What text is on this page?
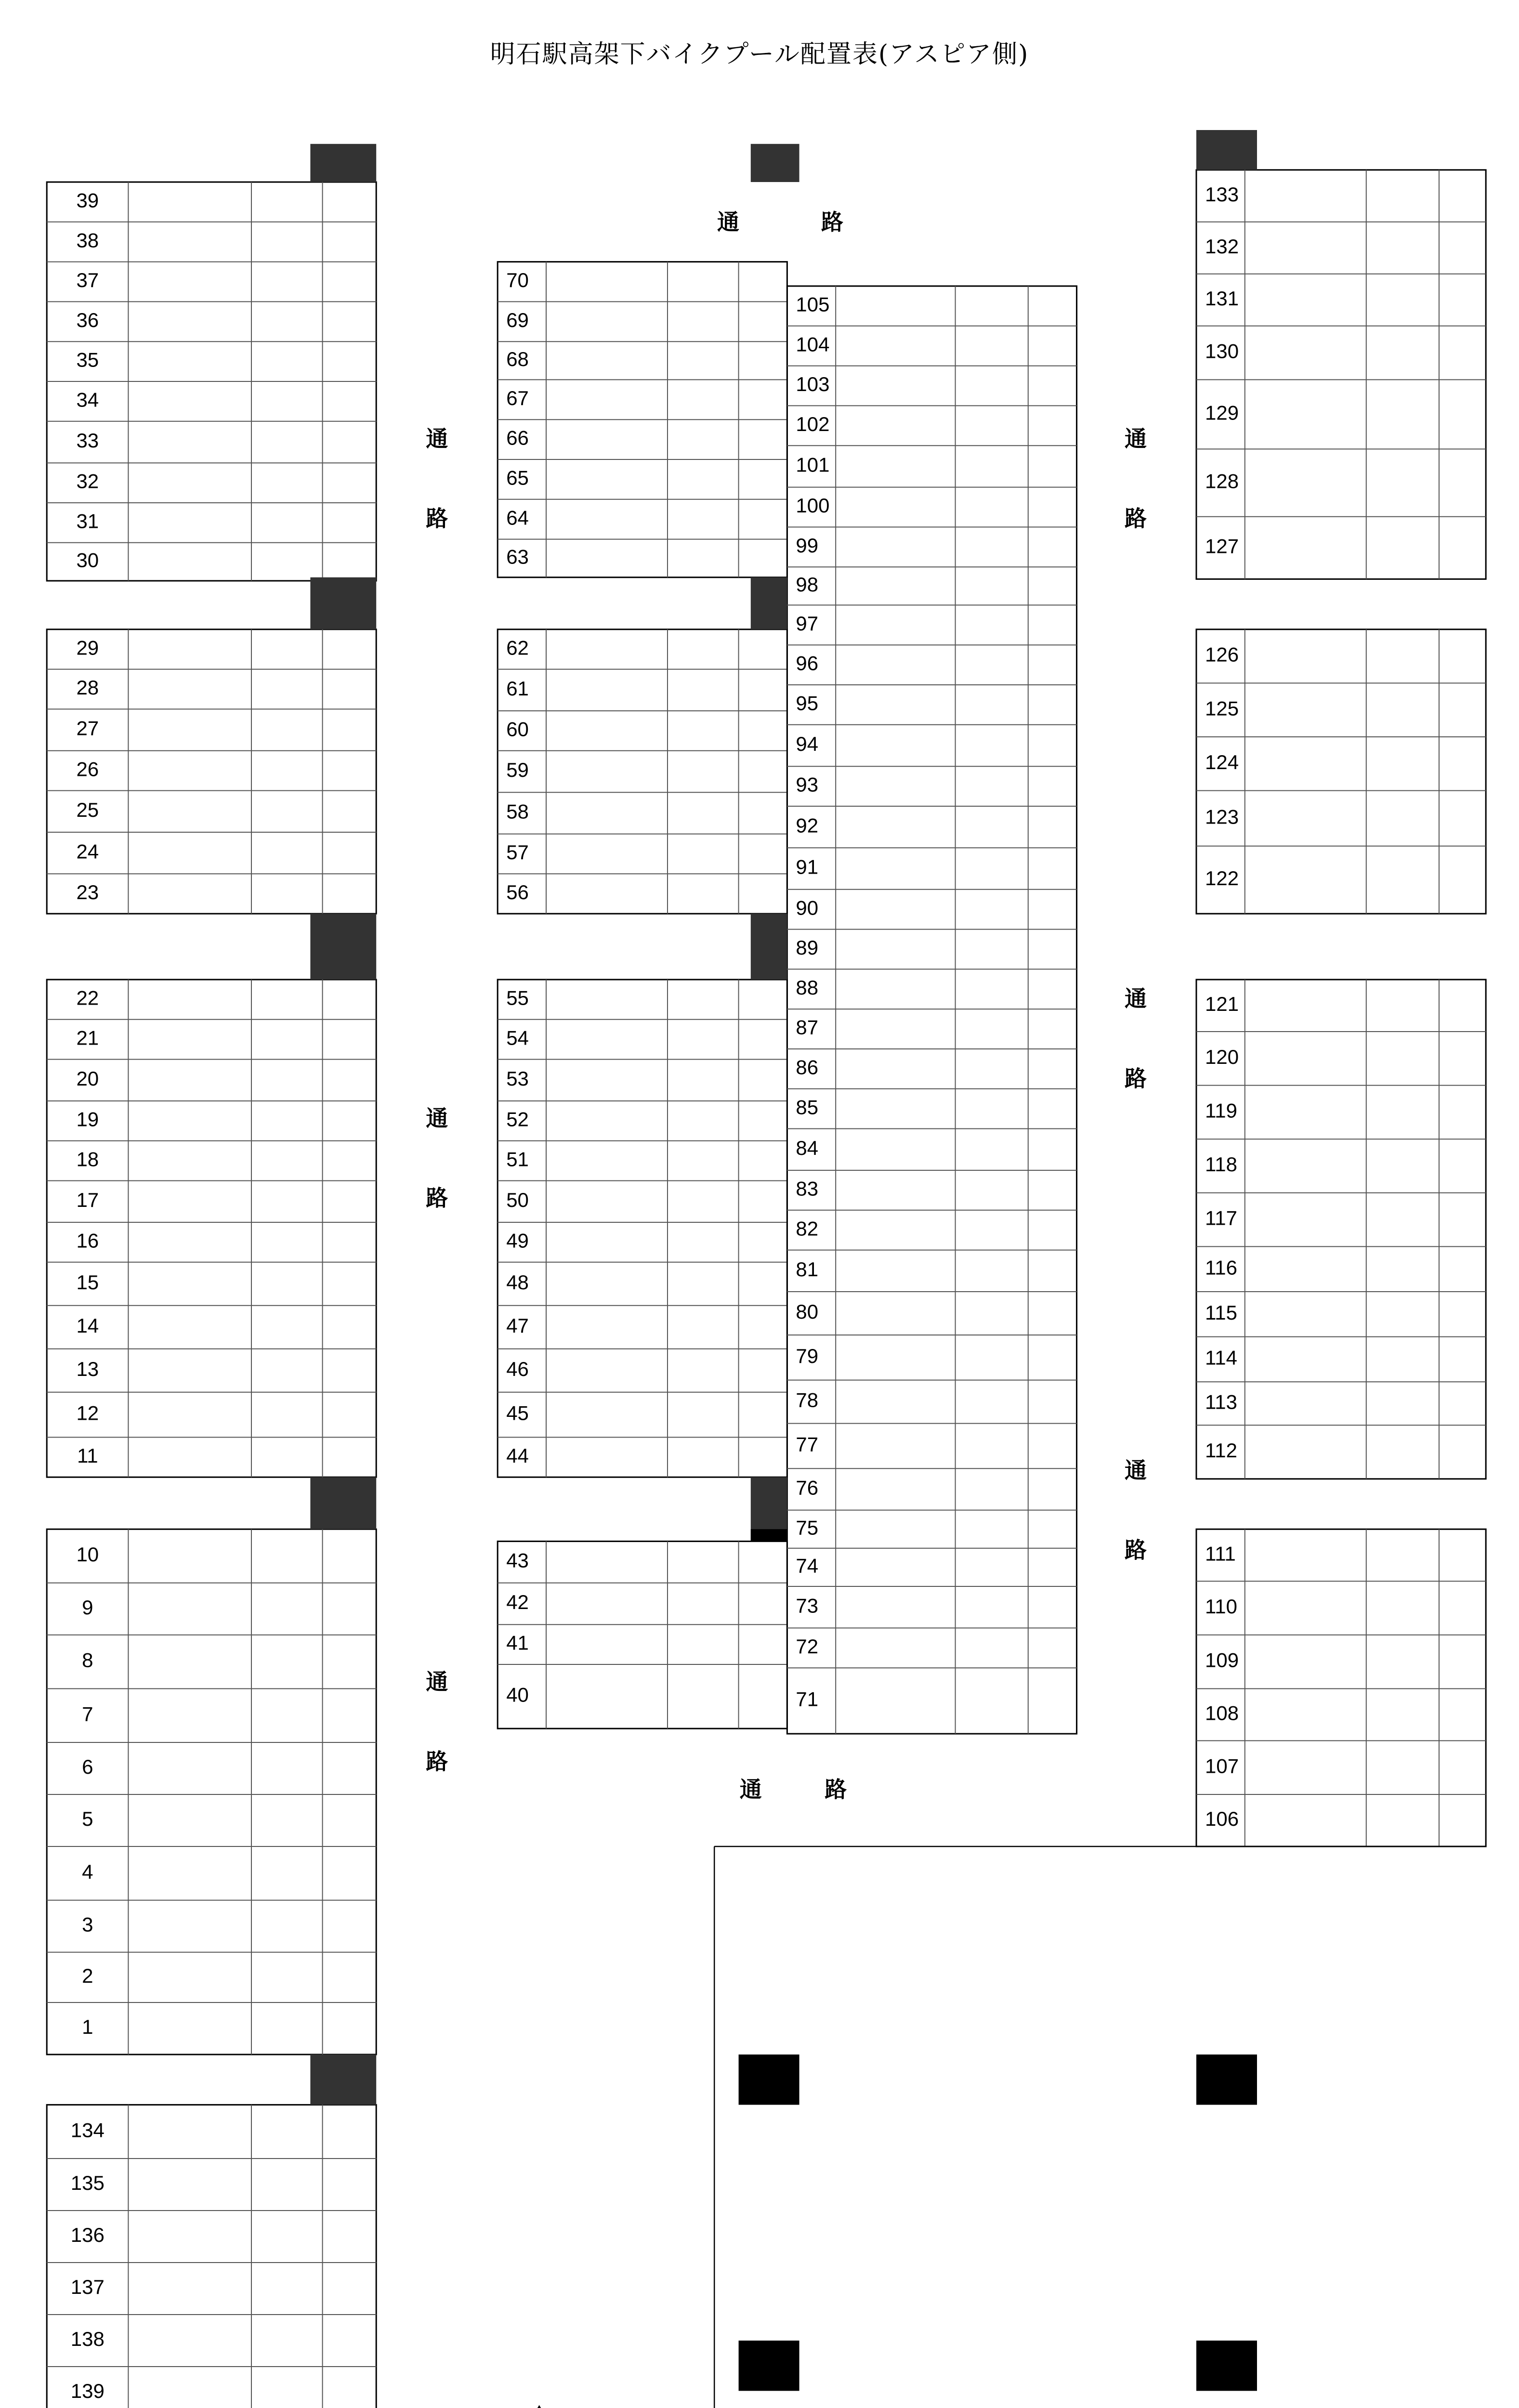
明石駅高架下バイクプール配置表(アスピア側)
39
38
37
36
35
34
33
32
31
30
29
28
27
26
25
24
23
22
21
20
19
18
17
16
15
14
13
12
11
10
9
8
7
6
5
4
3
2
1
134
135
136
137
138
139
70
69
68
67
66
65
64
63
62
61
60
59
58
57
56
55
54
53
52
51
50
49
48
47
46
45
44
43
42
41
40
105
104
103
102
101
100
99
98
97
96
95
94
93
92
91
90
89
88
87
86
85
84
83
82
81
80
79
78
77
76
75
74
73
72
71
133
132
131
130
129
128
127
126
125
124
123
122
121
120
119
118
117
116
115
114
113
112
111
110
109
108
107
106
通	路
通	路
通
路
通
路
通
路
通
路
通
路
通
路
